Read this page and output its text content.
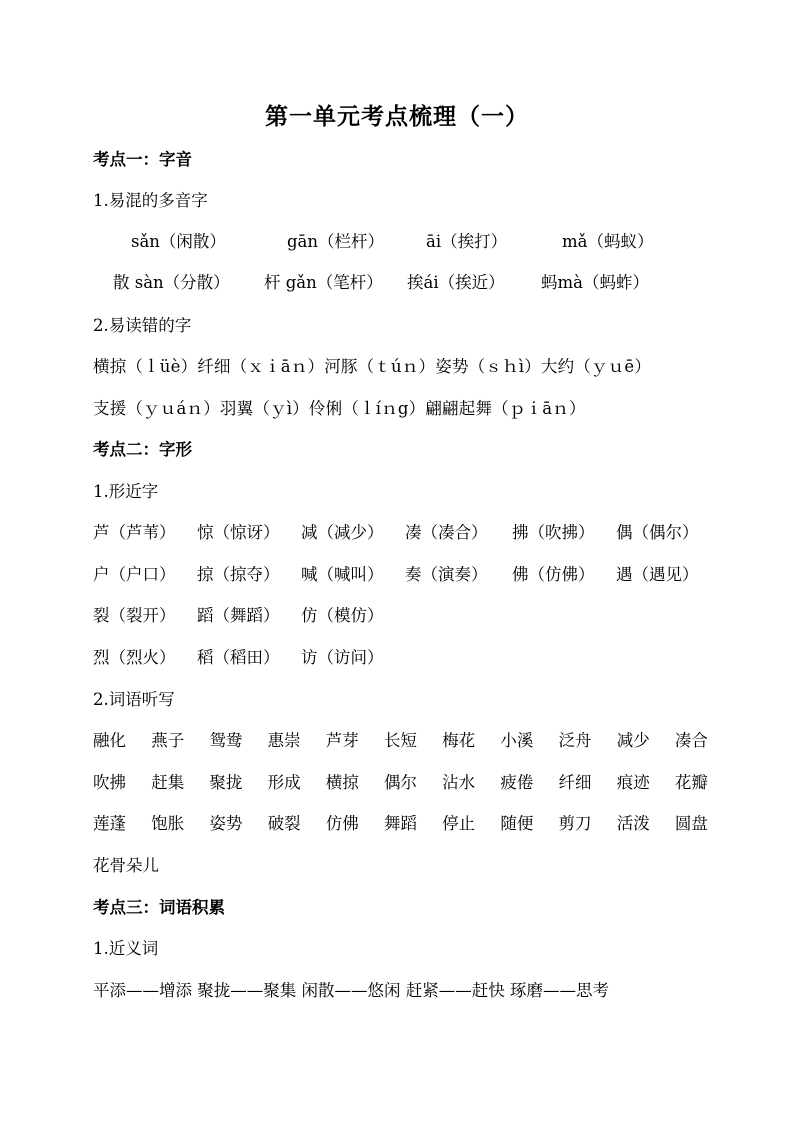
第一单元考点梳理（一）
考点一：字音
1.易混的多音字
sǎn（闲散）	gān（栏杆）	āi（挨打）	mǎ（蚂蚁）
散 sàn（分散） 杆 gǎn（笔杆） 挨ái（挨近） 蚂mà（蚂蚱）
2.易读错的字
横掠（ｌüè）纤细（ｘｉāｎ）河豚（ｔúｎ）姿势（ｓｈì）大约（ｙｕē）
支援（ｙｕáｎ）羽翼（ｙì）伶俐（ｌíｎg）翩翩起舞（ｐｉāｎ）
考点二：字形
1.形近字
芦（芦苇） 惊（惊讶） 减（减少） 凑（凑合） 拂（吹拂） 偶（偶尔）
户（户口） 掠（掠夺） 喊（喊叫） 奏（演奏） 佛（仿佛） 遇（遇见）
裂（裂开） 蹈（舞蹈） 仿（模仿）
烈（烈火） 稻（稻田） 访（访问）
2.词语听写
融化 燕子 鸳鸯 惠崇 芦芽 长短 梅花 小溪 泛舟 减少 凑合
吹拂 赶集 聚拢 形成 横掠 偶尔 沾水 疲倦 纤细 痕迹 花瓣
莲蓬 饱胀 姿势 破裂 仿佛 舞蹈 停止 随便 剪刀 活泼 圆盘
花骨朵儿
考点三：词语积累
1.近义词
平添——增添 聚拢——聚集 闲散——悠闲 赶紧——赶快 琢磨——思考
